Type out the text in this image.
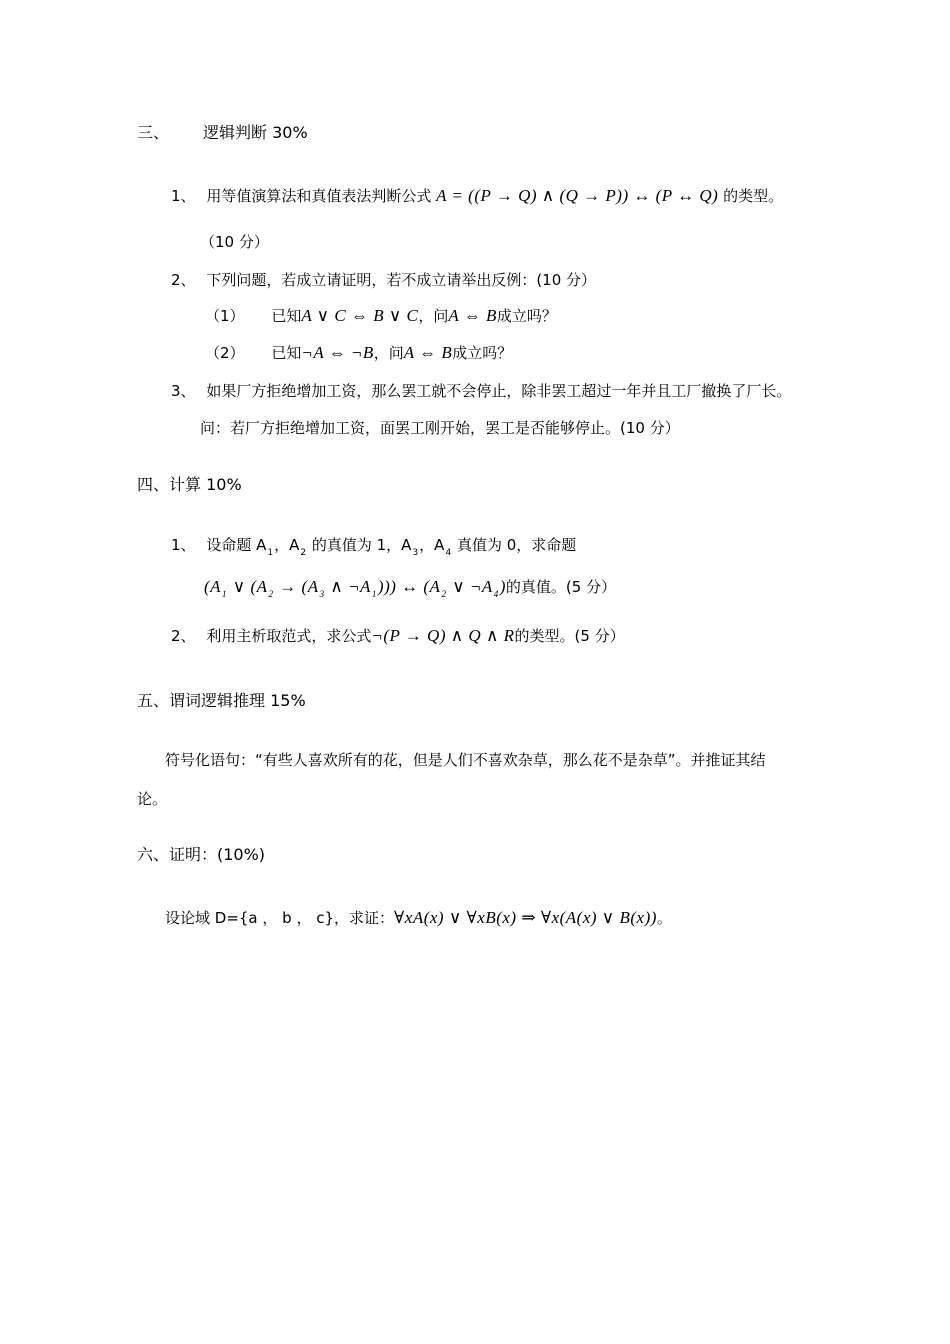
三、 逻辑判断 30%
1、 用等值演算法和真值表法判断公式 A = ((P → Q) ∧ (Q → P)) ↔ (P ↔ Q) 的类型。
（10 分）
2、 下列问题，若成立请证明，若不成立请举出反例：(10 分）
（1） 已知A ∨ C ⇔ B ∨ C，问A ⇔ B成立吗？
（2） 已知¬A ⇔ ¬B，问A ⇔ B成立吗？
3、 如果厂方拒绝增加工资，那么罢工就不会停止，除非罢工超过一年并且工厂撤换了厂长。
问：若厂方拒绝增加工资，面罢工刚开始，罢工是否能够停止。(10 分）
四、计算 10%
1、 设命题 $A_1$，$A_2$ 的真值为 1，$A_3$，$A_4$ 真值为 0，求命题
($A_1$ ∨ ($A_2 \to (A_3$ ∧ $\neg A_1$))) ↔ ($A_2$ ∨ $\neg A_4$)的真值。(5 分）
2、 利用主析取范式，求公式¬(P → Q) ∧ Q ∧ R的类型。(5 分）
五、谓词逻辑推理 15%
符号化语句：“有些人喜欢所有的花，但是人们不喜欢杂草，那么花不是杂草”。并推证其结
论。
六、证明：(10%)
设论域 D={a ， b ， c}，求证：∀xA(x) ∨ ∀xB(x) ⇒ ∀x(A(x) ∨ B(x))。
